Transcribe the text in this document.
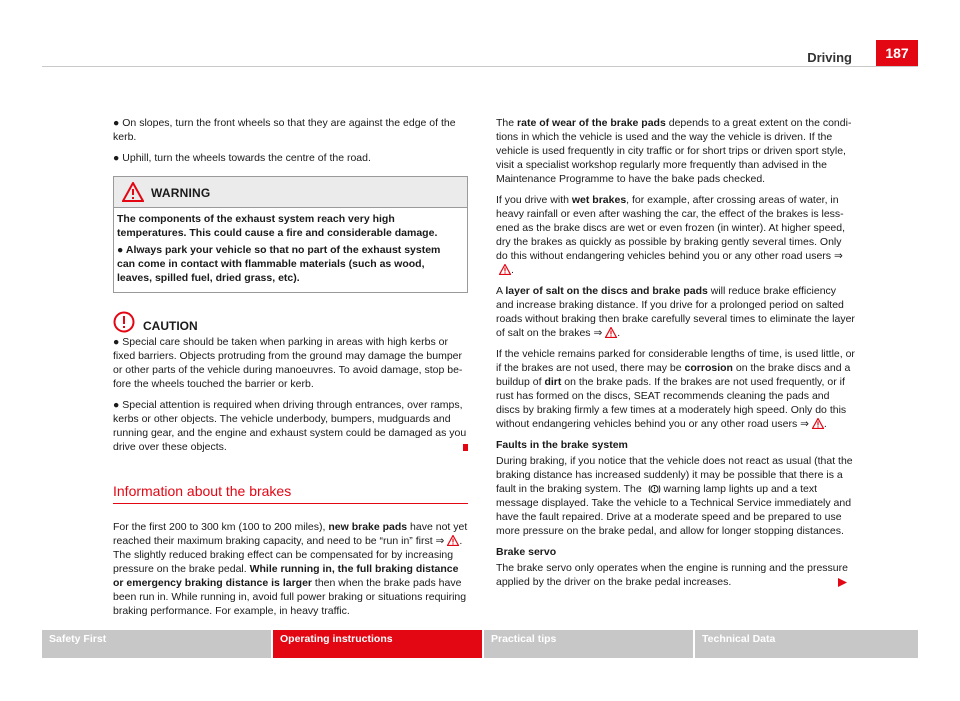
Driving	187

● On slopes, turn the front wheels so that they are against the edge of the kerb.

● Uphill, turn the wheels towards the centre of the road.

WARNING

The components of the exhaust system reach very high temperatures. This could cause a fire and considerable damage.

● Always park your vehicle so that no part of the exhaust system can come in contact with flammable materials (such as wood, leaves, spilled fuel, dried grass, etc).

CAUTION

● Special care should be taken when parking in areas with high kerbs or fixed barriers. Objects protruding from the ground may damage the bumper or other parts of the vehicle during manoeuvres. To avoid damage, stop be-fore the wheels touched the barrier or kerb.

● Special attention is required when driving through entrances, over ramps, kerbs or other objects. The vehicle underbody, bumpers, mudguards and running gear, and the engine and exhaust system could be damaged as you drive over these objects.

Information about the brakes

For the first 200 to 300 km (100 to 200 miles), new brake pads have not yet reached their maximum braking capacity, and need to be “run in” first ⇒ . The slightly reduced braking effect can be compensated for by increasing pressure on the brake pedal. While running in, the full braking distance or emergency braking distance is larger then when the brake pads have been run in. While running in, avoid full power braking or situations requiring braking performance. For example, in heavy traffic.

The rate of wear of the brake pads depends to a great extent on the condi-tions in which the vehicle is used and the way the vehicle is driven. If the vehicle is used frequently in city traffic or for short trips or driven sport style, visit a specialist workshop regularly more frequently than advised in the Maintenance Programme to have the bake pads checked.

If you drive with wet brakes, for example, after crossing areas of water, in heavy rainfall or even after washing the car, the effect of the brakes is less-ened as the brake discs are wet or even frozen (in winter). At higher speed, dry the brakes as quickly as possible by braking gently several times. Only do this without endangering vehicles behind you or any other road users ⇒.

A layer of salt on the discs and brake pads will reduce brake efficiency and increase braking distance. If you drive for a prolonged period on salted roads without braking then brake carefully several times to eliminate the layer of salt on the brakes ⇒ .

If the vehicle remains parked for considerable lengths of time, is used little, or if the brakes are not used, there may be corrosion on the brake discs and a buildup of dirt on the brake pads. If the brakes are not used frequently, or if rust has formed on the discs, SEAT recommends cleaning the pads and discs by braking firmly a few times at a moderately high speed. Only do this without endangering vehicles behind you or any other road users ⇒ .

Faults in the brake system

During braking, if you notice that the vehicle does not react as usual (that the braking distance has increased suddenly) it may be possible that there is a fault in the braking system. The  warning lamp lights up and a text message displayed. Take the vehicle to a Technical Service immediately and have the fault repaired. Drive at a moderate speed and be prepared to use more pressure on the brake pedal, and allow for longer stopping distances.

Brake servo

The brake servo only operates when the engine is running and the pressure applied by the driver on the brake pedal increases.

Safety First	Operating instructions	Practical tips	Technical Data
